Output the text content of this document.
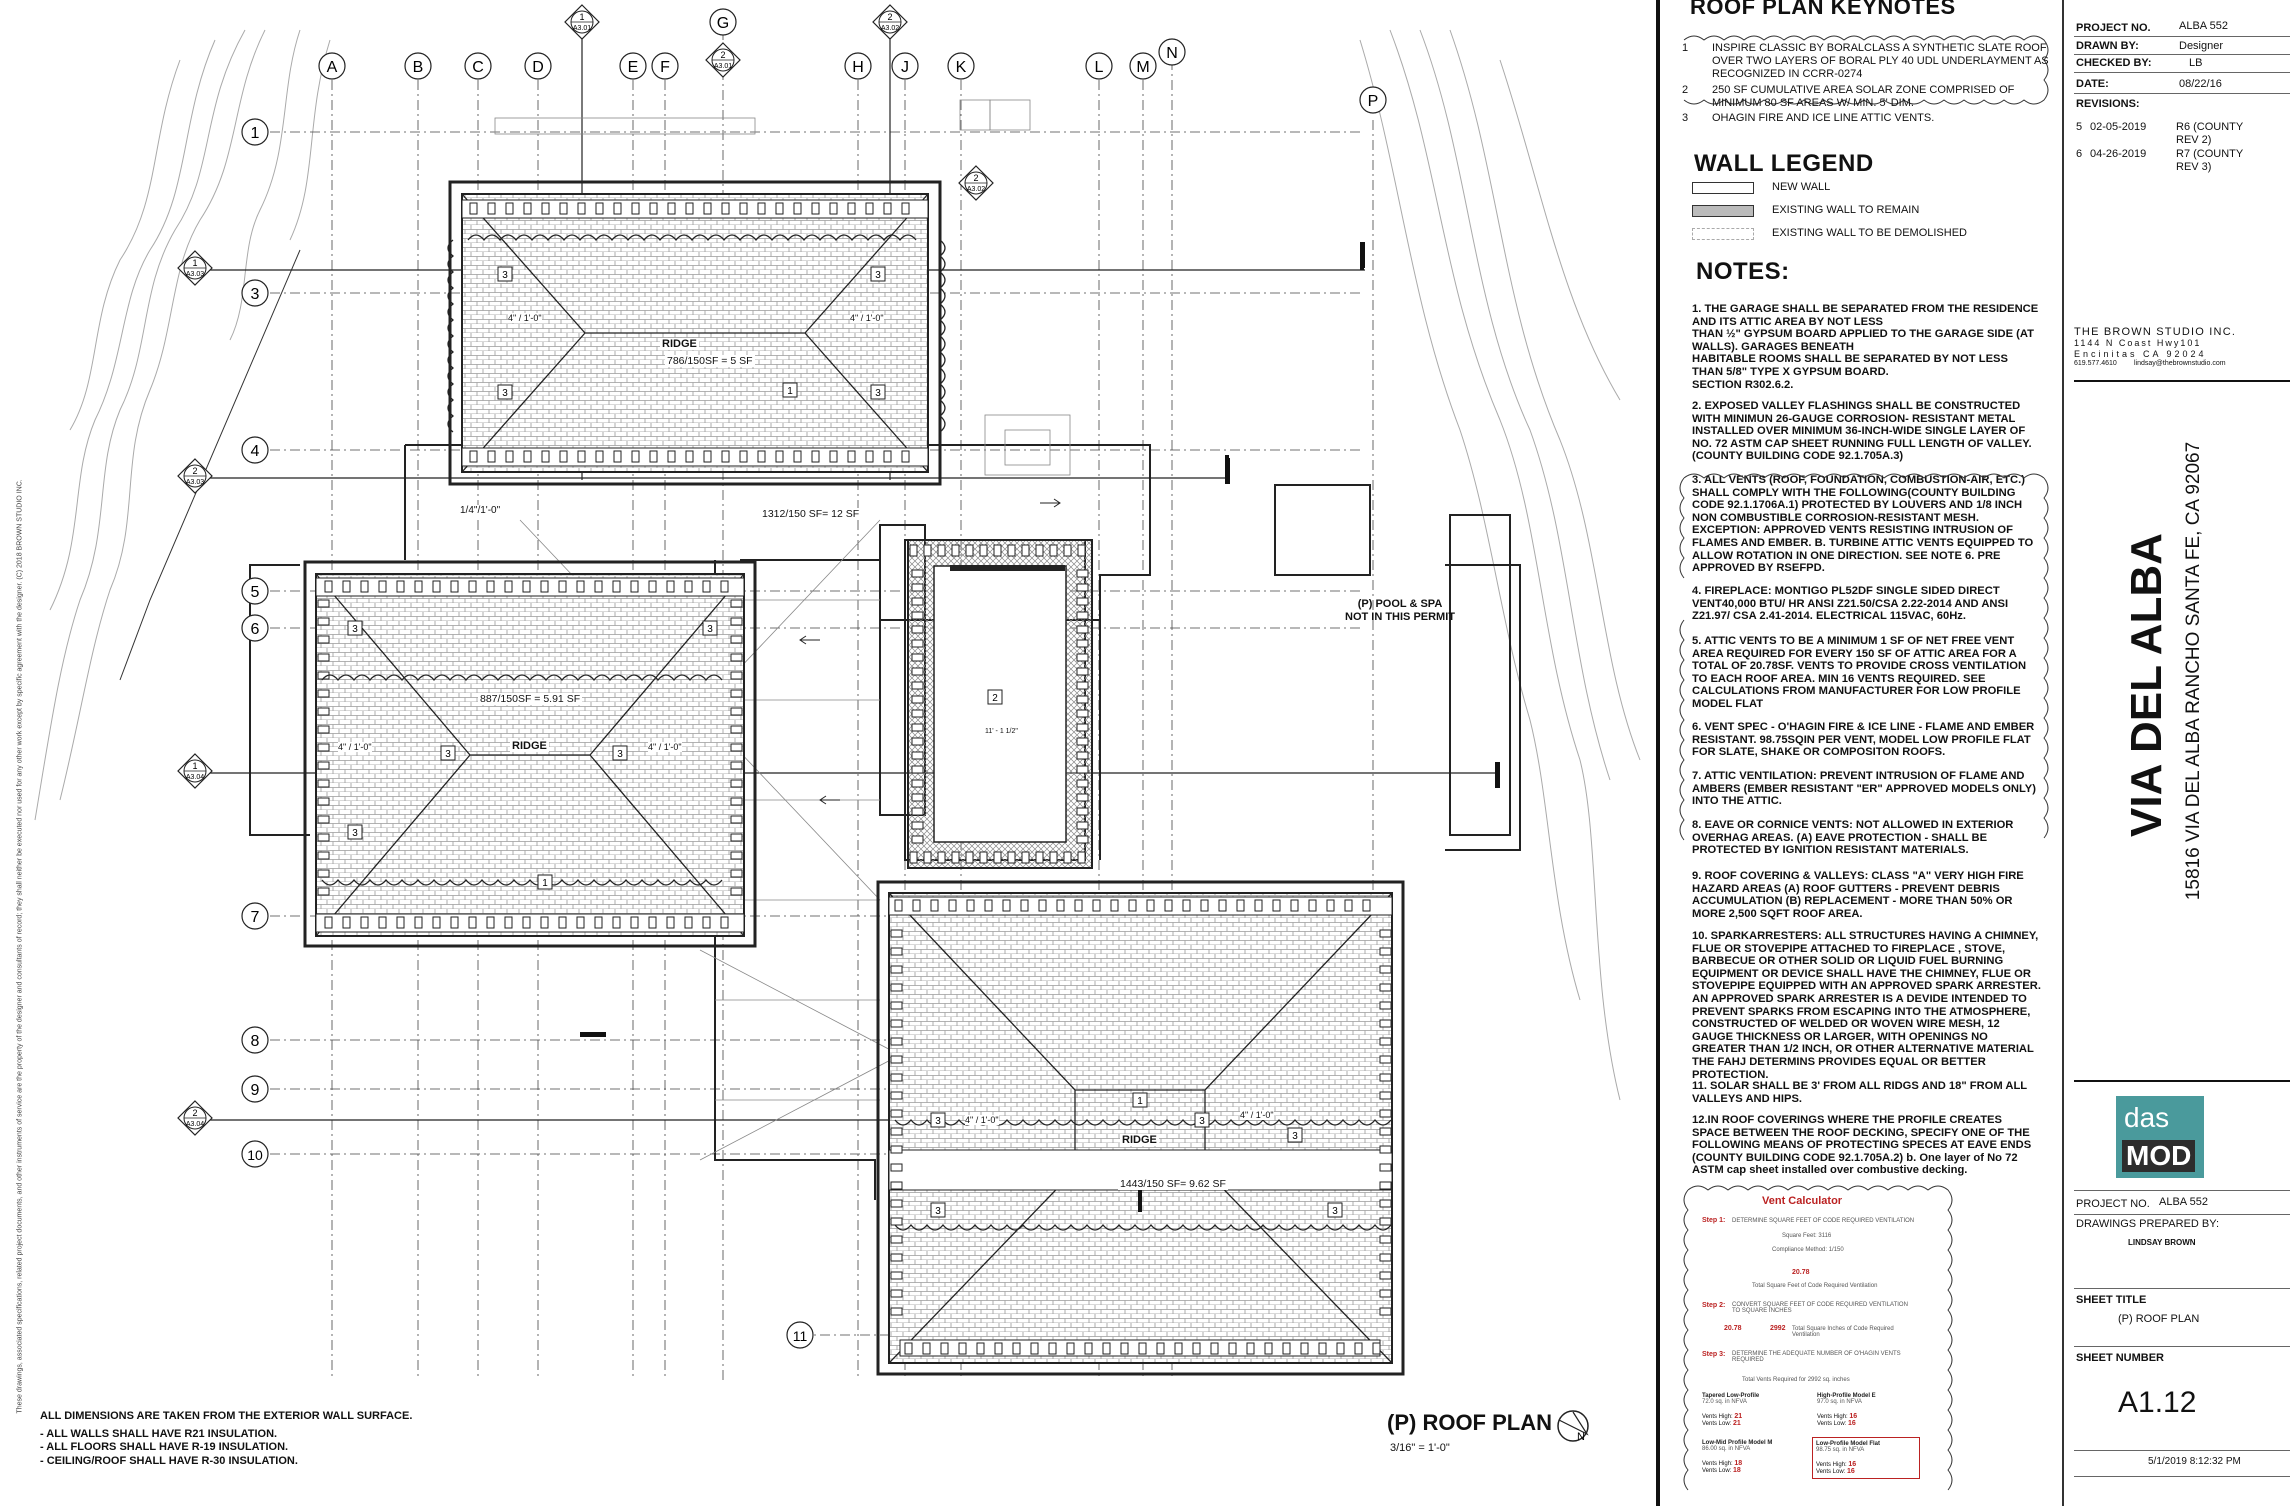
A	B	C	D	E F
G
H J	K	L M
N
P
1
3
4
5
6
7
8
9
10
11
1
A3.01
2
A3.02
2
A3.01
2
A3.02
1
A3.03
2
A3.03
1
A3.04
2
A3.04
3	3
3	3
1
3	3
3	3
3
1
2
3	3
3
3	3
1
RIDGE
RIDGE
RIDGE
786/150SF = 5 SF
1312/150 SF= 12 SF
887/150SF = 5.91 SF
1443/150 SF= 9.62 SF
1/4"/1'-0"
4" / 1'-0"	4" / 1'-0"
4" / 1'-0"	4" / 1'-0"
4" / 1'-0"	4" / 1'-0"
11' - 1 1/2"
(P) POOL & SPA
NOT IN THIS PERMIT
These drawings, associated specifications, related project documents, and other instruments of service are the property of the designer and consultants of record; they shall neither be executed nor used for any other work except by specific agreement with the designer. (C) 2018 BROWN STUDIO INC.
ALL DIMENSIONS ARE TAKEN FROM THE EXTERIOR WALL SURFACE.
- ALL WALLS SHALL HAVE R21 INSULATION.
- ALL FLOORS SHALL HAVE R-19 INSULATION.
- CEILING/ROOF SHALL HAVE R-30 INSULATION.
(P) ROOF PLAN
3/16" = 1'-0"
N
ROOF PLAN KEYNOTES
1	INSPIRE CLASSIC BY BORALCLASS A SYNTHETIC SLATE ROOF OVER TWO LAYERS OF BORAL PLY 40 UDL UNDERLAYMENT AS RECOGNIZED IN CCRR-0274
2	250 SF CUMULATIVE AREA SOLAR ZONE COMPRISED OF MINIMUM 80 SF AREAS W/ MIN. 5' DIM.
3	OHAGIN FIRE AND ICE LINE ATTIC VENTS.
WALL LEGEND
NEW WALL
EXISTING WALL TO REMAIN
EXISTING WALL TO BE DEMOLISHED
NOTES:
1. THE GARAGE SHALL BE SEPARATED FROM THE RESIDENCE AND ITS ATTIC AREA BY NOT LESS
THAN ½" GYPSUM BOARD APPLIED TO THE GARAGE SIDE (AT WALLS). GARAGES BENEATH
HABITABLE ROOMS SHALL BE SEPARATED BY NOT LESS THAN 5/8" TYPE X GYPSUM BOARD.
SECTION R302.6.2.
2. EXPOSED VALLEY FLASHINGS SHALL BE CONSTRUCTED WITH MINIMUN 26-GAUGE CORROSION- RESISTANT METAL INSTALLED OVER MINIMUM 36-INCH-WIDE SINGLE LAYER OF NO. 72 ASTM CAP SHEET RUNNING FULL LENGTH OF VALLEY. (COUNTY BUILDING CODE 92.1.705A.3)
3. ALL VENTS (ROOF, FOUNDATION, COMBUSTION-AIR, ETC.) SHALL COMPLY WITH THE FOLLOWING(COUNTY BUILDING CODE 92.1.1706A.1) PROTECTED BY LOUVERS AND 1/8 INCH NON COMBUSTIBLE CORROSION-RESISTANT MESH. EXCEPTION: APPROVED VENTS RESISTING INTRUSION OF FLAMES AND EMBER. B. TURBINE ATTIC VENTS EQUIPPED TO ALLOW ROTATION IN ONE DIRECTION. SEE NOTE 6. PRE APPROVED BY RSEFPD.
4. FIREPLACE: MONTIGO PL52DF SINGLE SIDED DIRECT VENT40,000 BTU/ HR ANSI Z21.50/CSA 2.22-2014 AND ANSI Z21.97/ CSA 2.41-2014. ELECTRICAL 115VAC, 60Hz.
5. ATTIC VENTS TO BE A MINIMUM 1 SF OF NET FREE VENT AREA REQUIRED FOR EVERY 150 SF OF ATTIC AREA FOR A TOTAL OF 20.78SF. VENTS TO PROVIDE CROSS VENTILATION TO EACH ROOF AREA. MIN 16 VENTS REQUIRED. SEE CALCULATIONS FROM MANUFACTURER FOR LOW PROFILE MODEL FLAT
6. VENT SPEC - O'HAGIN FIRE & ICE LINE - FLAME AND EMBER RESISTANT. 98.75SQIN PER VENT, MODEL LOW PROFILE FLAT FOR SLATE, SHAKE OR COMPOSITON ROOFS.
7. ATTIC VENTILATION: PREVENT INTRUSION OF FLAME AND AMBERS (EMBER RESISTANT "ER" APPROVED MODELS ONLY) INTO THE ATTIC.
8. EAVE OR CORNICE VENTS: NOT ALLOWED IN EXTERIOR OVERHAG AREAS. (A) EAVE PROTECTION - SHALL BE PROTECTED BY IGNITION RESISTANT MATERIALS.
9. ROOF COVERING & VALLEYS: CLASS "A" VERY HIGH FIRE HAZARD AREAS (A) ROOF GUTTERS - PREVENT DEBRIS ACCUMULATION (B) REPLACEMENT - MORE THAN 50% OR MORE 2,500 SQFT ROOF AREA.
10. SPARKARRESTERS: ALL STRUCTURES HAVING A CHIMNEY, FLUE OR STOVEPIPE ATTACHED TO FIREPLACE , STOVE, BARBECUE OR OTHER SOLID OR LIQUID FUEL BURNING EQUIPMENT OR DEVICE SHALL HAVE THE CHIMNEY, FLUE OR STOVEPIPE EQUIPPED WITH AN APPROVED SPARK ARRESTER. AN APPROVED SPARK ARRESTER IS A DEVIDE INTENDED TO PREVENT SPARKS FROM ESCAPING INTO THE ATMOSPHERE, CONSTRUCTED OF WELDED OR WOVEN WIRE MESH, 12 GAUGE THICKNESS OR LARGER, WITH OPENINGS NO GREATER THAN 1/2 INCH, OR OTHER ALTERNATIVE MATERIAL THE FAHJ DETERMINS PROVIDES EQUAL OR BETTER PROTECTION.
11. SOLAR SHALL BE 3' FROM ALL RIDGS AND 18" FROM ALL VALLEYS AND HIPS.
12.IN ROOF COVERINGS WHERE THE PROFILE CREATES SPACE BETWEEN THE ROOF DECKING, SPECIFY ONE OF THE FOLLOWING MEANS OF PROTECTING SPECES AT EAVE ENDS (COUNTY BUILDING CODE 92.1.705A.2) b. One layer of No 72 ASTM cap sheet installed over combustive decking.
Vent Calculator
Step 1: DETERMINE SQUARE FEET OF CODE REQUIRED VENTILATION
Square Feet: 3116
Compliance Method: 1/150
20.78
Total Square Feet of Code Required Ventilation
Step 2: CONVERT SQUARE FEET OF CODE REQUIRED VENTILATION TO SQUARE INCHES
20.78	2992 Total Square Inches of Code Required Ventilation
Step 3: DETERMINE THE ADEQUATE NUMBER OF O'HAGIN VENTS REQUIRED
Total Vents Required for 2992 sq. inches
Tapered Low-Profile
72.0 sq. in NFVA
Vents High: 21
Vents Low: 21
High-Profile Model E
97.0 sq. in NFVA
Vents High: 16
Vents Low: 16
Low-Mid Profile Model M
86.00 sq. in NFVA
Vents High: 18
Vents Low: 18
Low-Profile Model Flat
98.75 sq. in NFVA
Vents High: 16
Vents Low: 16
PROJECT NO.	ALBA 552
DRAWN BY:	Designer
CHECKED BY:	LB
DATE:	08/22/16
REVISIONS:
5 02-05-2019	R6 (COUNTY REV 2)
6 04-26-2019	R7 (COUNTY REV 3)
THE BROWN STUDIO INC.
1144 N Coast Hwy101
Encinitas CA 92024
619.577.4610 lindsay@thebrownstudio.com
VIA DEL ALBA 15816 VIA DEL ALBA RANCHO SANTA FE, CA 92067
das
MOD
PROJECT NO. ALBA 552
DRAWINGS PREPARED BY:
LINDSAY BROWN
SHEET TITLE
(P) ROOF PLAN
SHEET NUMBER
A1.12
5/1/2019 8:12:32 PM
